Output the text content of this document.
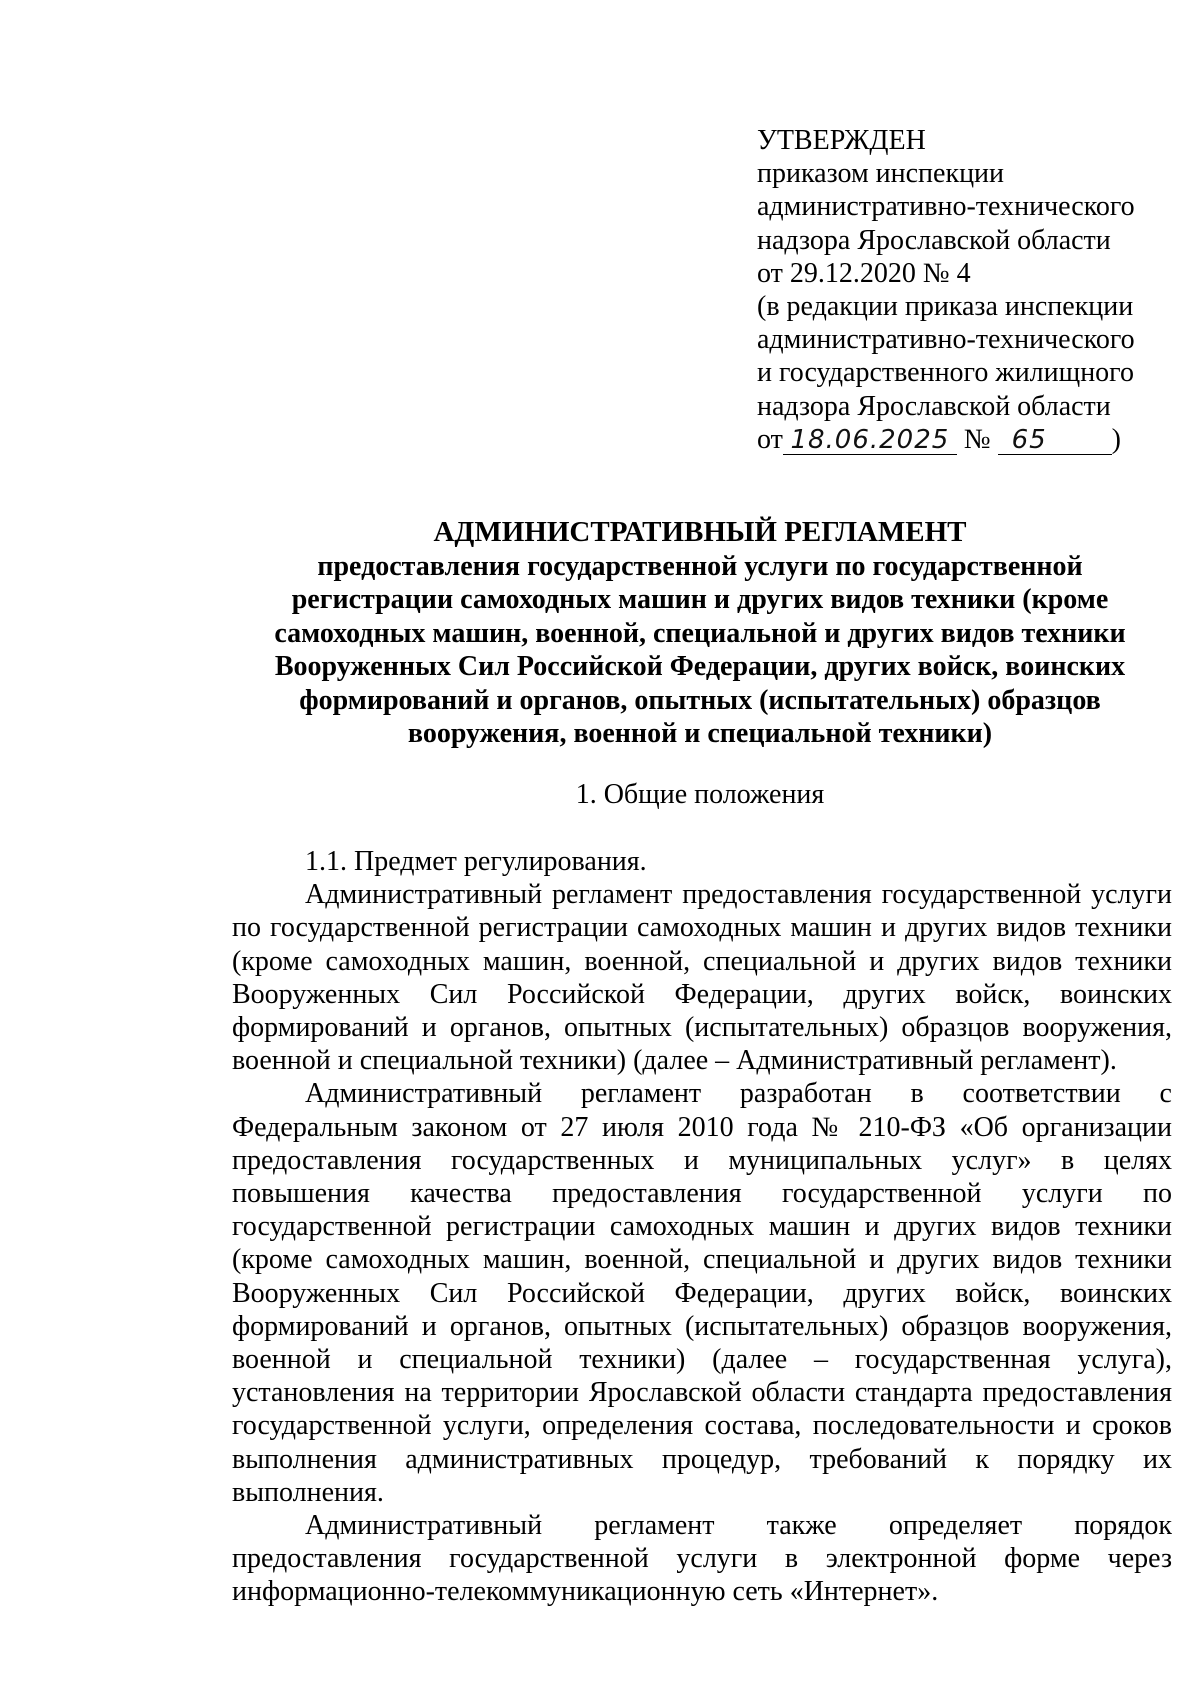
УТВЕРЖДЕН
приказом инспекции
административно-технического
надзора Ярославской области
от 29.12.2020 № 4
(в редакции приказа инспекции
административно-технического
и государственного жилищного
надзора Ярославской области
от 18.06.2025 № 65 )
АДМИНИСТРАТИВНЫЙ РЕГЛАМЕНТ
предоставления государственной услуги по государственной
регистрации самоходных машин и других видов техники (кроме
самоходных машин, военной, специальной и других видов техники
Вооруженных Сил Российской Федерации, других войск, воинских
формирований и органов, опытных (испытательных) образцов
вооружения, военной и специальной техники)
1. Общие положения

1.1. Предмет регулирования.

Административный регламент предоставления государственной услуги по государственной регистрации самоходных машин и других видов техники (кроме самоходных машин, военной, специальной и других видов техники Вооруженных Сил Российской Федерации, других войск, воинских формирований и органов, опытных (испытательных) образцов вооружения, военной и специальной техники) (далее – Административный регламент).

Административный регламент разработан в соответствии с Федеральным законом от 27 июля 2010 года № 210-ФЗ «Об организации предоставления государственных и муниципальных услуг» в целях повышения качества предоставления государственной услуги по государственной регистрации самоходных машин и других видов техники (кроме самоходных машин, военной, специальной и других видов техники Вооруженных Сил Российской Федерации, других войск, воинских формирований и органов, опытных (испытательных) образцов вооружения, военной и специальной техники) (далее – государственная услуга), установления на территории Ярославской области стандарта предоставления государственной услуги, определения состава, последовательности и сроков выполнения административных процедур, требований к порядку их выполнения.

Административный регламент также определяет порядок предоставления государственной услуги в электронной форме через информационно-телекоммуникационную сеть «Интернет».
